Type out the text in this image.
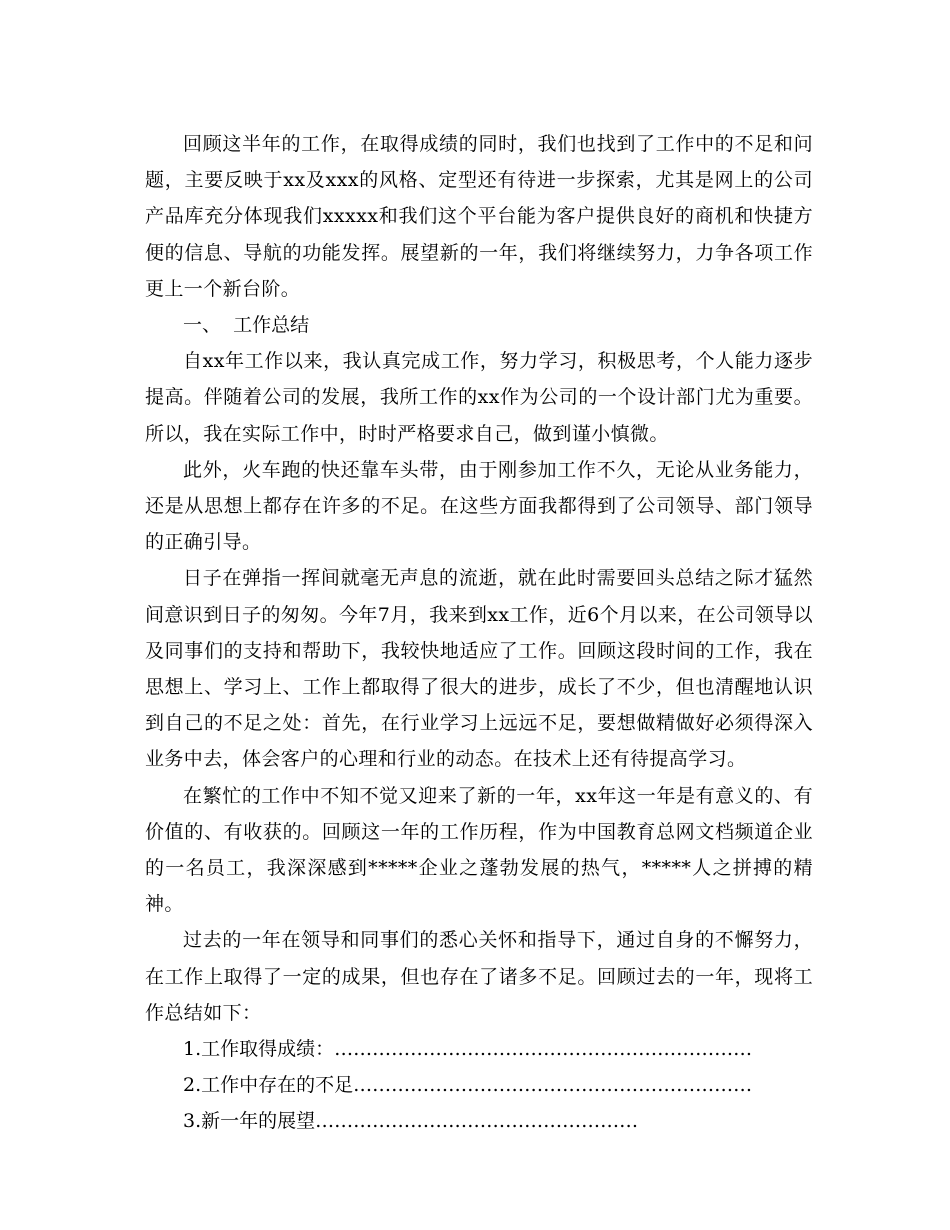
回顾这半年的工作，在取得成绩的同时，我们也找到了工作中的不足和问题，主要反映于xx及xxx的风格、定型还有待进一步探索，尤其是网上的公司产品库充分体现我们xxxxx和我们这个平台能为客户提供良好的商机和快捷方便的信息、导航的功能发挥。展望新的一年，我们将继续努力，力争各项工作更上一个新台阶。

一、  工作总结

自xx年工作以来，我认真完成工作，努力学习，积极思考，个人能力逐步提高。伴随着公司的发展，我所工作的xx作为公司的一个设计部门尤为重要。所以，我在实际工作中，时时严格要求自己，做到谨小慎微。

此外，火车跑的快还靠车头带，由于刚参加工作不久，无论从业务能力，还是从思想上都存在许多的不足。在这些方面我都得到了公司领导、部门领导的正确引导。

日子在弹指一挥间就毫无声息的流逝，就在此时需要回头总结之际才猛然间意识到日子的匆匆。今年7月，我来到xx工作，近6个月以来，在公司领导以及同事们的支持和帮助下，我较快地适应了工作。回顾这段时间的工作，我在思想上、学习上、工作上都取得了很大的进步，成长了不少，但也清醒地认识到自己的不足之处：首先，在行业学习上远远不足，要想做精做好必须得深入业务中去，体会客户的心理和行业的动态。在技术上还有待提高学习。

在繁忙的工作中不知不觉又迎来了新的一年，xx年这一年是有意义的、有价值的、有收获的。回顾这一年的工作历程，作为中国教育总网文档频道企业的一名员工，我深深感到*****企业之蓬勃发展的热气，*****人之拼搏的精神。

过去的一年在领导和同事们的悉心关怀和指导下，通过自身的不懈努力，在工作上取得了一定的成果，但也存在了诸多不足。回顾过去的一年，现将工作总结如下：

1.工作取得成绩：…………………………………………………………

2.工作中存在的不足………………………………………………………

3.新一年的展望……………………………………………
